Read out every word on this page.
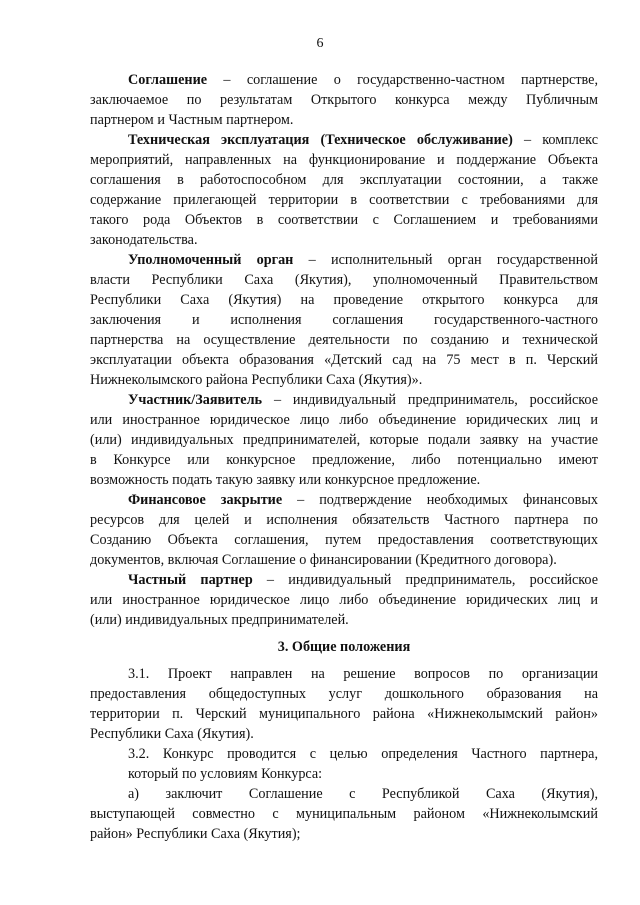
6
Соглашение – соглашение о государственно-частном партнерстве,
заключаемое по результатам Открытого конкурса между Публичным
партнером и Частным партнером.
Техническая эксплуатация (Техническое обслуживание) – комплекс
мероприятий, направленных на функционирование и поддержание Объекта
соглашения в работоспособном для эксплуатации состоянии, а также
содержание прилегающей территории в соответствии с требованиями для
такого рода Объектов в соответствии с Соглашением и требованиями
законодательства.
Уполномоченный орган – исполнительный орган государственной
власти Республики Саха (Якутия), уполномоченный Правительством
Республики Саха (Якутия) на проведение открытого конкурса для
заключения и исполнения соглашения государственного-частного
партнерства на осуществление деятельности по созданию и технической
эксплуатации объекта образования «Детский сад на 75 мест в п. Черский
Нижнеколымского района Республики Саха (Якутия)».
Участник/Заявитель – индивидуальный предприниматель, российское
или иностранное юридическое лицо либо объединение юридических лиц и
(или) индивидуальных предпринимателей, которые подали заявку на участие
в Конкурсе или конкурсное предложение, либо потенциально имеют
возможность подать такую заявку или конкурсное предложение.
Финансовое закрытие – подтверждение необходимых финансовых
ресурсов для целей и исполнения обязательств Частного партнера по
Созданию Объекта соглашения, путем предоставления соответствующих
документов, включая Соглашение о финансировании (Кредитного договора).
Частный партнер – индивидуальный предприниматель, российское
или иностранное юридическое лицо либо объединение юридических лиц и
(или) индивидуальных предпринимателей.
3. Общие положения
3.1. Проект направлен на решение вопросов по организации
предоставления общедоступных услуг дошкольного образования на
территории п. Черский муниципального района «Нижнеколымский район»
Республики Саха (Якутия).
3.2. Конкурс проводится с целью определения Частного партнера,
который по условиям Конкурса:
а) заключит Соглашение с Республикой Саха (Якутия),
выступающей совместно с муниципальным районом «Нижнеколымский
район» Республики Саха (Якутия);
